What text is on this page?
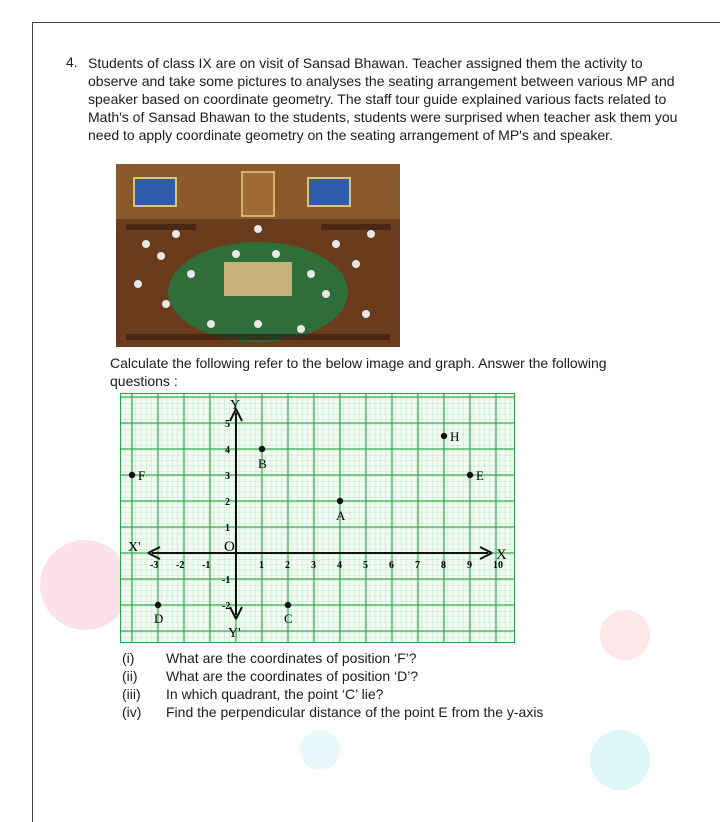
4. Students of class IX are on visit of Sansad Bhawan. Teacher assigned them the activity to observe and take some pictures to analyses the seating arrangement between various MP and speaker based on coordinate geometry. The staff tour guide explained various facts related to Math's of Sansad Bhawan to the students, students were surprised when teacher ask them you need to apply coordinate geometry on the seating arrangement of MP's and speaker.
Calculate the following refer to the below image and graph. Answer the following questions :
X
X'
Y
Y'
O
-3 -2 -1	1 2 3 4 5 6 7 8 9 10
5
4
3
2
1
-1
-2
F
B
A
H
E
D	C
(i)	What are the coordinates of position ‘F’?
(ii)	What are the coordinates of position ‘D’?
(iii)	In which quadrant, the point ‘C’ lie?
(iv)	Find the perpendicular distance of the point E from the y-axis
